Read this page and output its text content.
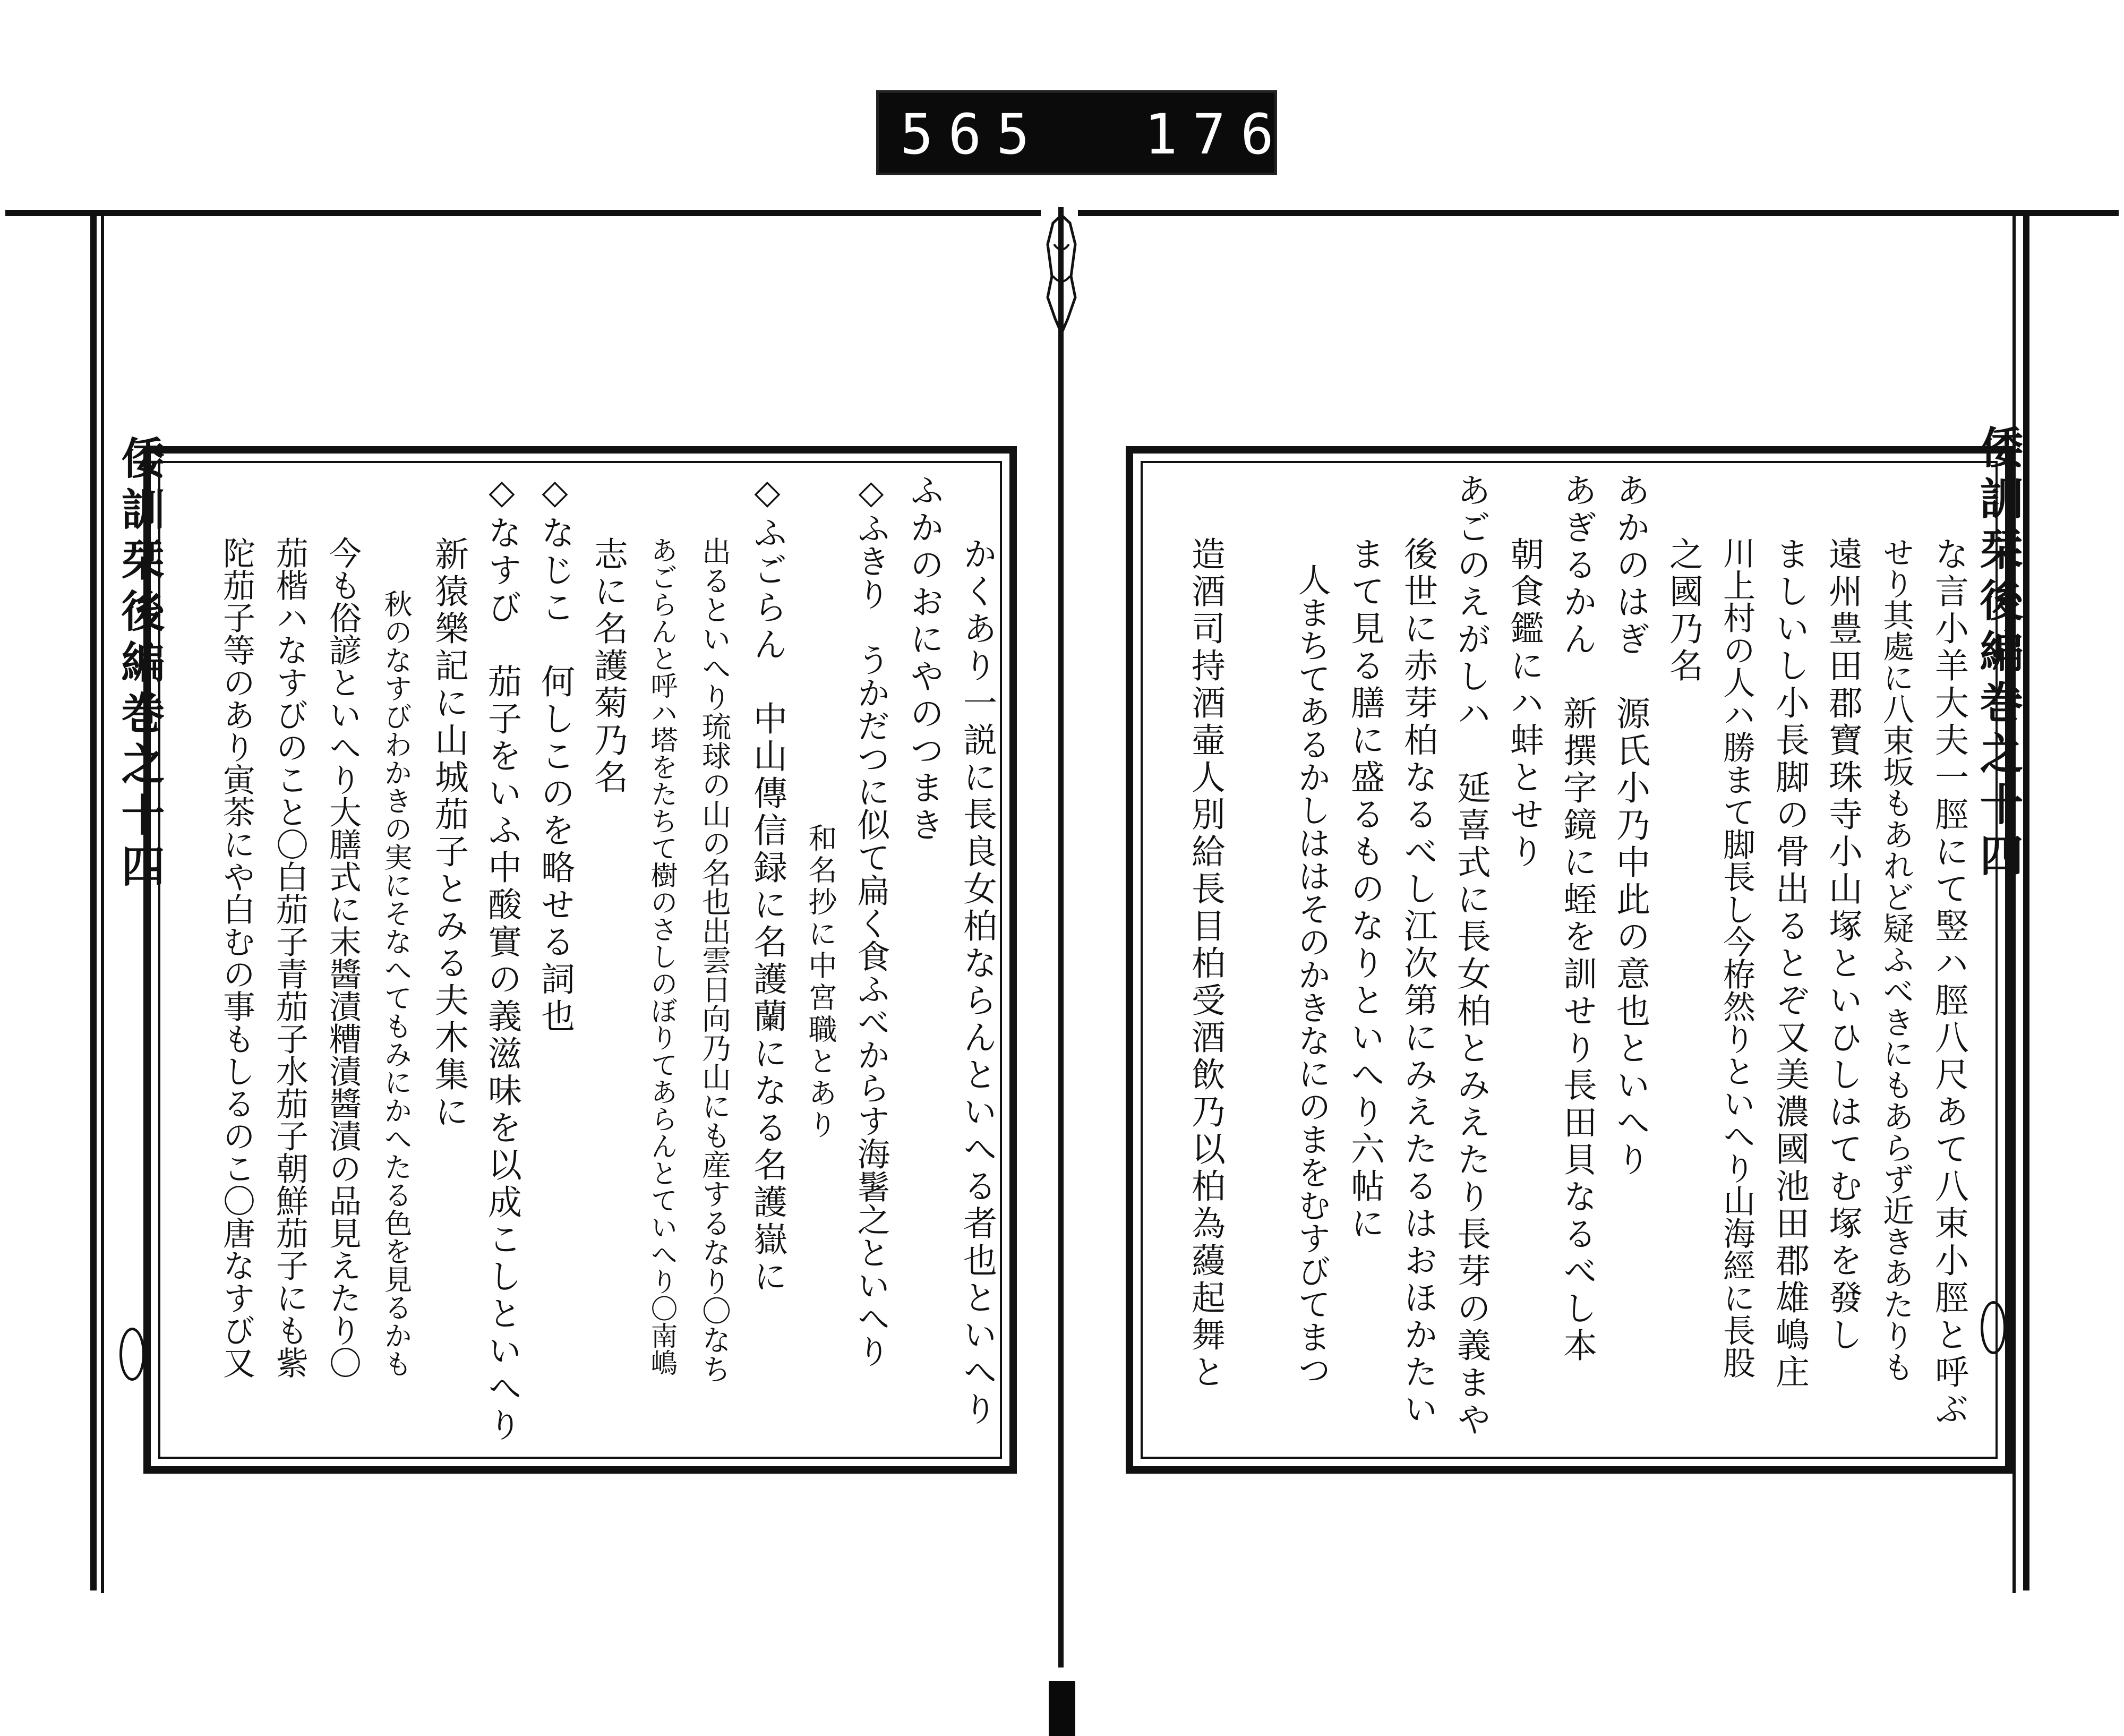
565 176.
倭訓栞後編巻之十四	倭訓栞後編巻之十四
かくあり一説に長良女柏ならんといへる者也といへり
ふかのおにやのつまき
◇ふきり　うかだつに似て扁く食ふべからす海䰇之といへり
和名抄に中宮職とあり
◇ふごらん　中山傳信録に名護蘭になる名護嶽に
出るといへり琉球の山の名也出雲日向乃山にも産するなり〇なち
あごらんと呼ハ塔をたちて樹のさしのぼりてあらんとていへり〇南嶋
志に名護菊乃名
◇なじこ　何しこのを略せる詞也
◇なすび　茄子をいふ中酸實の義滋味を以成こしといへり
新猿樂記に山城茄子とみる夫木集に
秋のなすびわかきの実にそなへてもみにかへたる色を見るかも
今も俗諺といへり大膳式に末醬漬糟漬醬漬の品見えたり〇
茄楷ハなすびのこと〇白茄子青茄子水茄子朝鮮茄子にも紫
陀茄子等のあり寅茶にや白むの事もしるのこ〇唐なすび又	な言小羊大夫一脛にて竪ハ脛八尺あて八束小脛と呼ぶ
せり其處に八束坂もあれど疑ふべきにもあらず近きあたりも
遠州豊田郡寶珠寺小山塚といひしはてむ塚を發し
ましいし小長脚の骨出るとぞ又美濃國池田郡雄嶋庄
川上村の人ハ勝まて脚長し今栫然りといへり山海經に長股
之國乃名
あかのはぎ　源氏小乃中此の意也といへり
あぎるかん　新撰字鏡に蛭を訓せり長田貝なるべし本
朝食鑑にハ蚌とせり
あごのえがしハ　延喜式に長女柏とみえたり長芽の義まや
後世に赤芽柏なるべし江次第にみえたるはおほかたい
まて見る膳に盛るものなりといへり六帖に
人まちてあるかしははそのかきなにのまをむすびてまつ
造酒司持酒壷人別給長目柏受酒飲乃以柏為蘰起舞と
